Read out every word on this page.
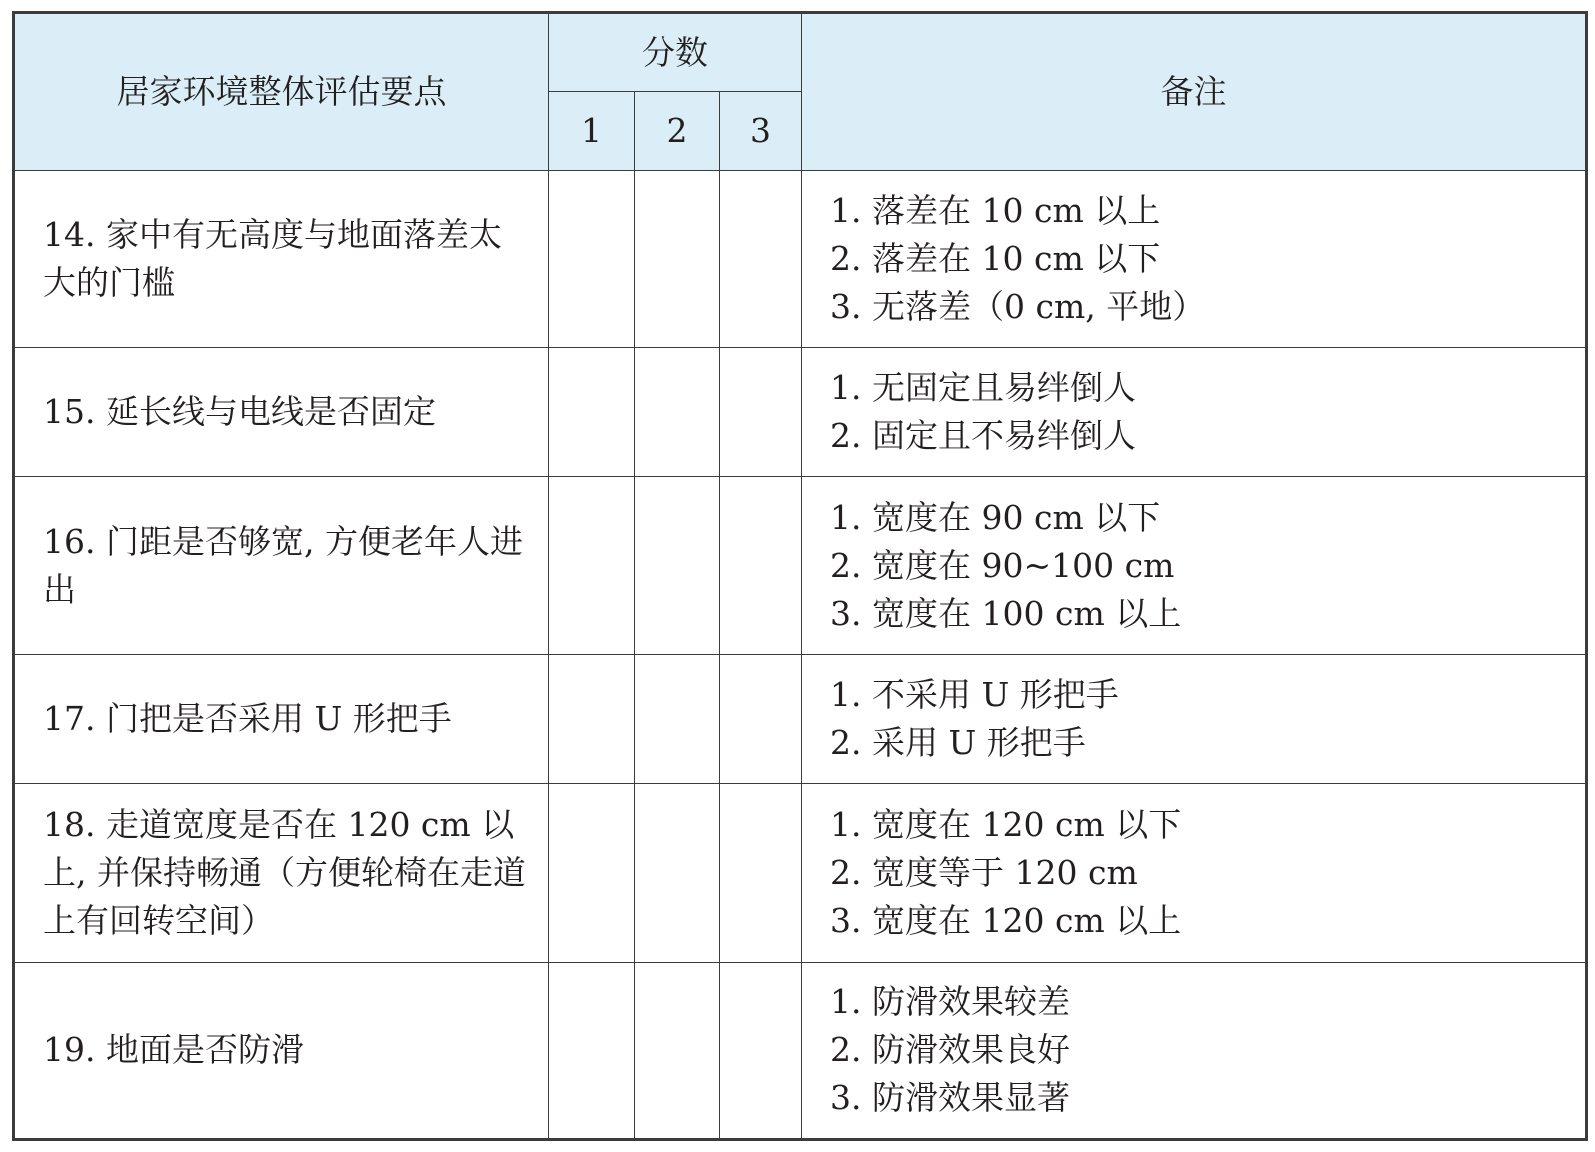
居家环境整体评估要点	分数			备注
	1	2	3	
14. 家中有无高度与地面落差太大的门槛				1. 落差在 10 cm 以上
2. 落差在 10 cm 以下
3. 无落差（0 cm, 平地）

15. 延长线与电线是否固定				1. 无固定且易绊倒人
2. 固定且不易绊倒人

16. 门距是否够宽, 方便老年人进出				1. 宽度在 90 cm 以下
2. 宽度在 90~100 cm
3. 宽度在 100 cm 以上

17. 门把是否采用 U 形把手				1. 不采用 U 形把手
2. 采用 U 形把手

18. 走道宽度是否在 120 cm 以上, 并保持畅通（方便轮椅在走道上有回转空间）				1. 宽度在 120 cm 以下
2. 宽度等于 120 cm
3. 宽度在 120 cm 以上

19. 地面是否防滑				1. 防滑效果较差
2. 防滑效果良好
3. 防滑效果显著
